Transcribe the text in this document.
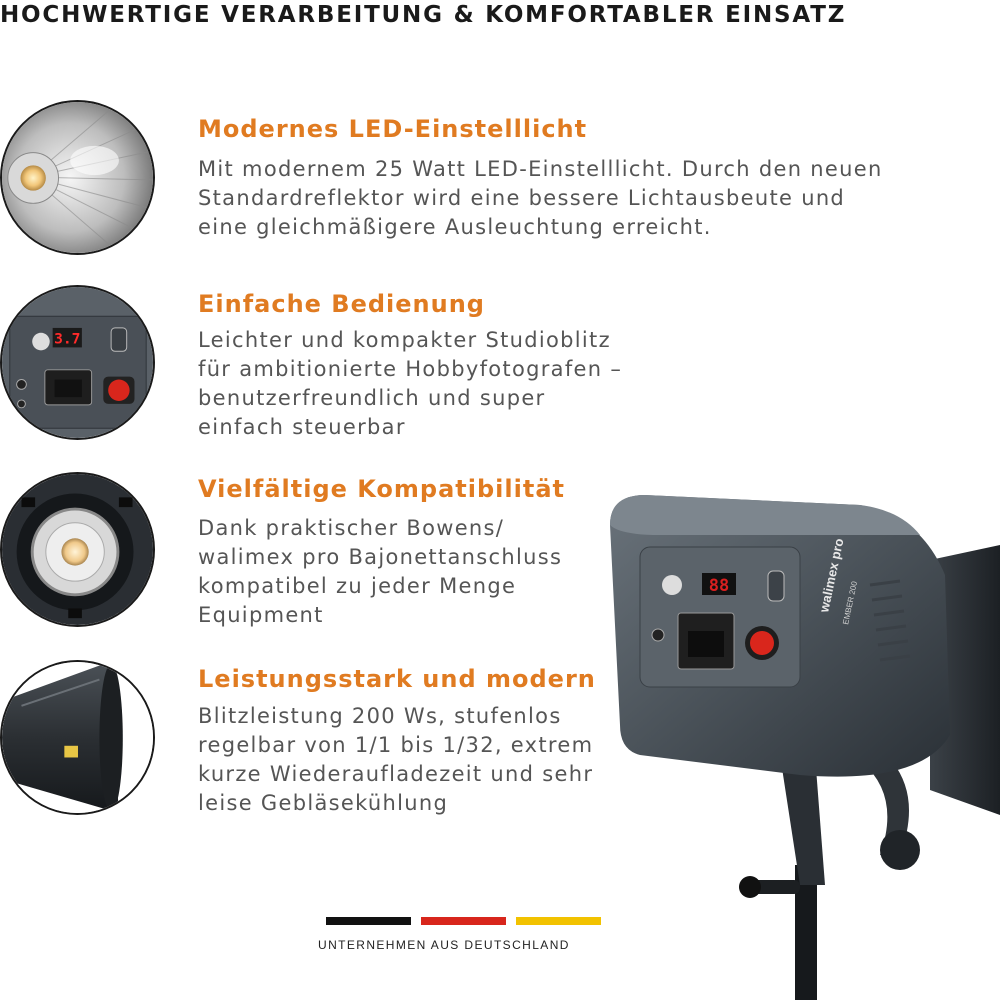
HOCHWERTIGE VERARBEITUNG & KOMFORTABLER EINSATZ
Modernes LED-Einstelllicht
Mit modernem 25 Watt LED-Einstelllicht. Durch den neuen
Standardreflektor wird eine bessere Lichtausbeute und
eine gleichmäßigere Ausleuchtung erreicht.
3.7
Einfache Bedienung
Leichter und kompakter Studioblitz
für ambitionierte Hobbyfotografen –
benutzerfreundlich und super
einfach steuerbar
Vielfältige Kompatibilität
Dank praktischer Bowens/
walimex pro Bajonettanschluss
kompatibel zu jeder Menge
Equipment
Leistungsstark und modern
Blitzleistung 200 Ws, stufenlos
regelbar von 1/1 bis 1/32, extrem
kurze Wiederaufladezeit und sehr
leise Gebläsekühlung
88	walimex pro
EMBER 200
UNTERNEHMEN AUS DEUTSCHLAND
